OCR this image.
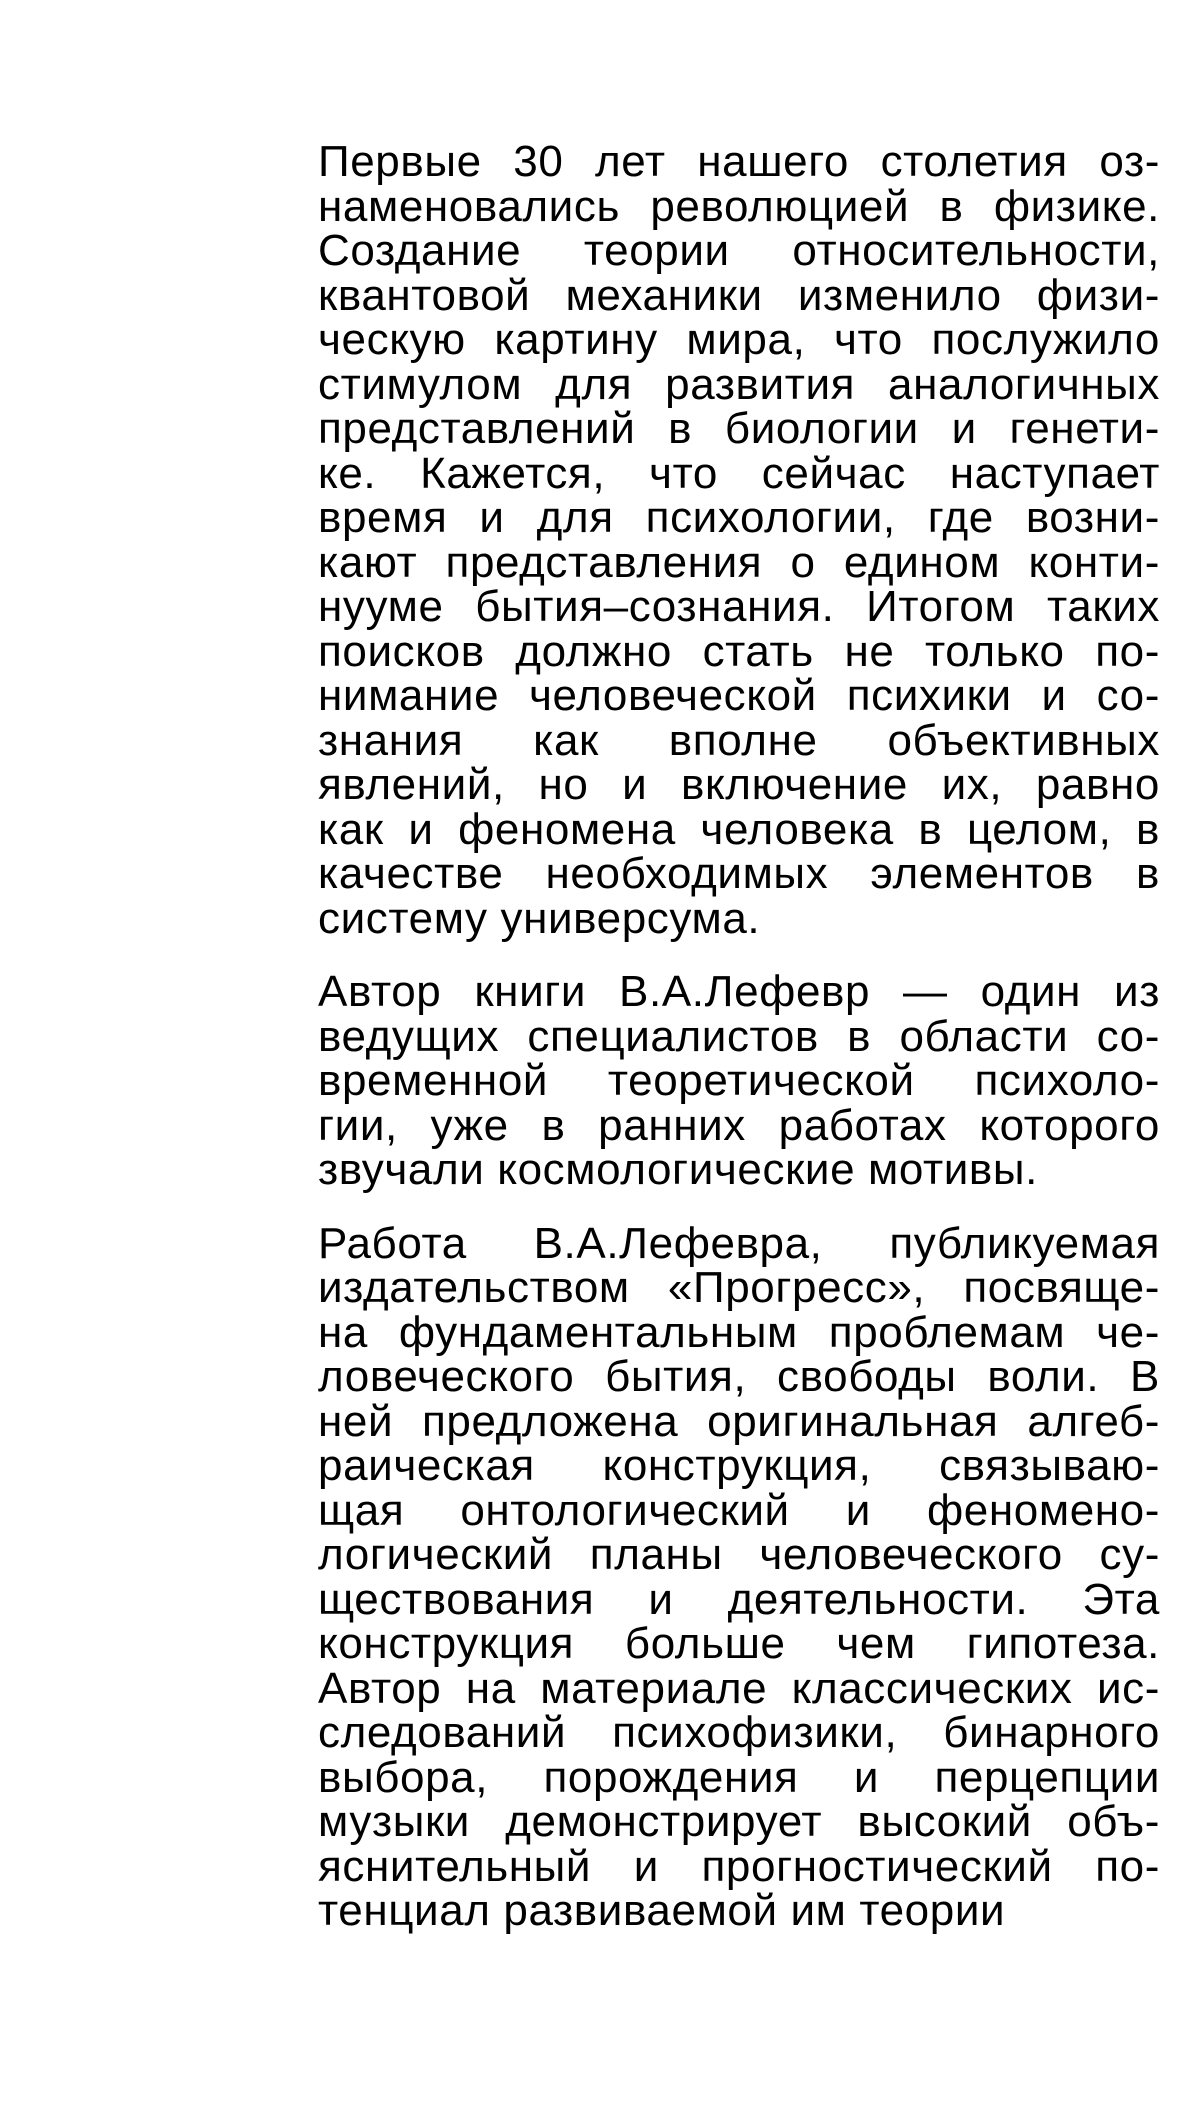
Первые 30 лет нашего столетия оз-
наменовались революцией в физике.
Создание теории относительности,
квантовой механики изменило физи-
ческую картину мира, что послужило
стимулом для развития аналогичных
представлений в биологии и генети-
ке. Кажется, что сейчас наступает
время и для психологии, где возни-
кают представления о едином конти-
нууме бытия–сознания. Итогом таких
поисков должно стать не только по-
нимание человеческой психики и со-
знания как вполне объективных
явлений, но и включение их, равно
как и феномена человека в целом, в
качестве необходимых элементов в
систему универсума.

Автор книги В.А.Лефевр — один из
ведущих специалистов в области со-
временной теоретической психоло-
гии, уже в ранних работах которого
звучали космологические мотивы.

Работа В.А.Лефевра, публикуемая
издательством «Прогресс», посвяще-
на фундаментальным проблемам че-
ловеческого бытия, свободы воли. В
ней предложена оригинальная алгеб-
раическая конструкция, связываю-
щая онтологический и феномено-
логический планы человеческого су-
ществования и деятельности. Эта
конструкция больше чем гипотеза.
Автор на материале классических ис-
следований психофизики, бинарного
выбора, порождения и перцепции
музыки демонстрирует высокий объ-
яснительный и прогностический по-
тенциал развиваемой им теории
